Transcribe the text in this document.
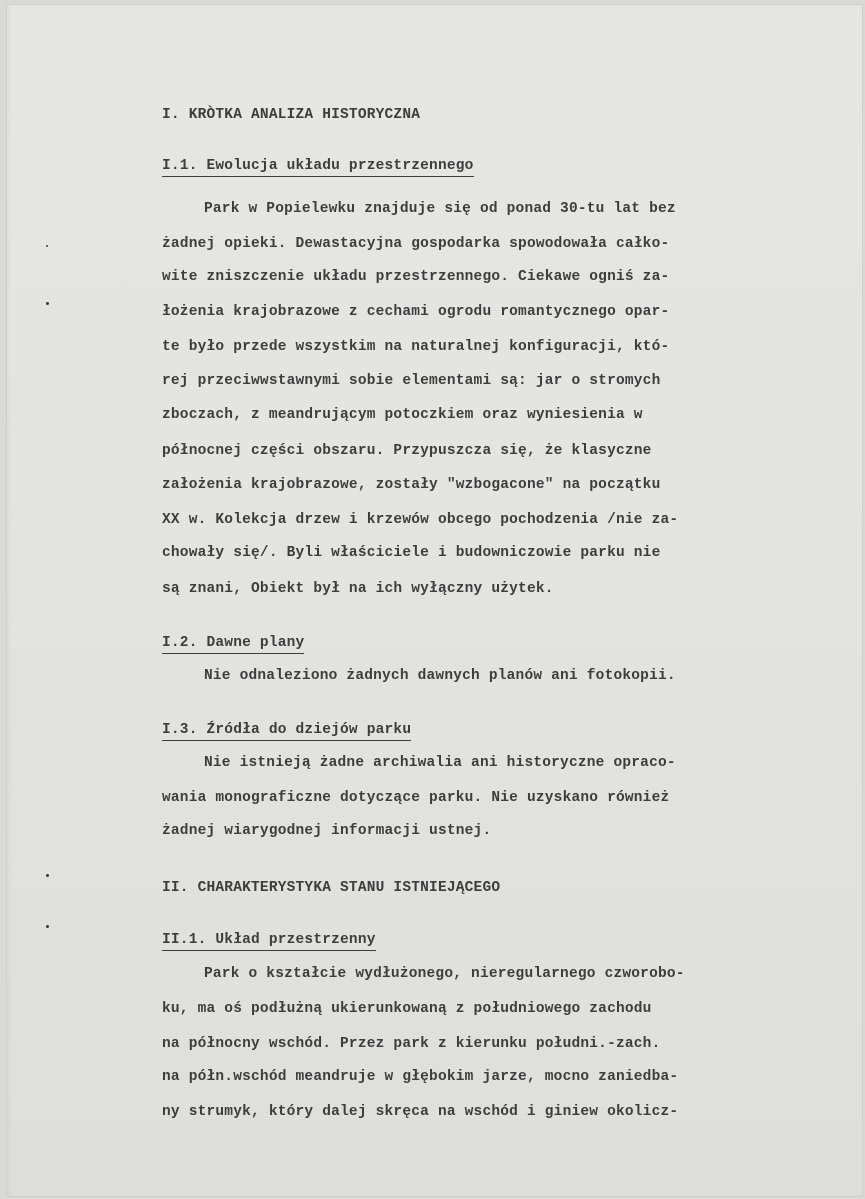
I. KRÒTKA ANALIZA HISTORYCZNA
I.1. Ewolucja układu przestrzennego
Park w Popielewku znajduje się od ponad 30-tu lat bez
żadnej opieki. Dewastacyjna gospodarka spowodowała całko-
wite zniszczenie układu przestrzennego. Ciekawe ogniś za-
łożenia krajobrazowe z cechami ogrodu romantycznego opar-
te było przede wszystkim na naturalnej konfiguracji, któ-
rej przeciwwstawnymi sobie elementami są: jar o stromych
zboczach, z meandrującym potoczkiem oraz wyniesienia w
północnej części obszaru. Przypuszcza się, że klasyczne
założenia krajobrazowe, zostały "wzbogacone" na początku
XX w. Kolekcja drzew i krzewów obcego pochodzenia /nie za-
chowały się/. Byli właściciele i budowniczowie parku nie
są znani, Obiekt był na ich wyłączny użytek.
I.2. Dawne plany
Nie odnaleziono żadnych dawnych planów ani fotokopii.
I.3. Źródła do dziejów parku
Nie istnieją żadne archiwalia ani historyczne opraco-
wania monograficzne dotyczące parku. Nie uzyskano również
żadnej wiarygodnej informacji ustnej.
II. CHARAKTERYSTYKA STANU ISTNIEJĄCEGO
II.1. Układ przestrzenny
Park o kształcie wydłużonego, nieregularnego czworobo-
ku, ma oś podłużną ukierunkowaną z południowego zachodu
na północny wschód. Przez park z kierunku południ.-zach.
na półn.wschód meandruje w głębokim jarze, mocno zaniedba-
ny strumyk, który dalej skręca na wschód i giniew okolicz-
